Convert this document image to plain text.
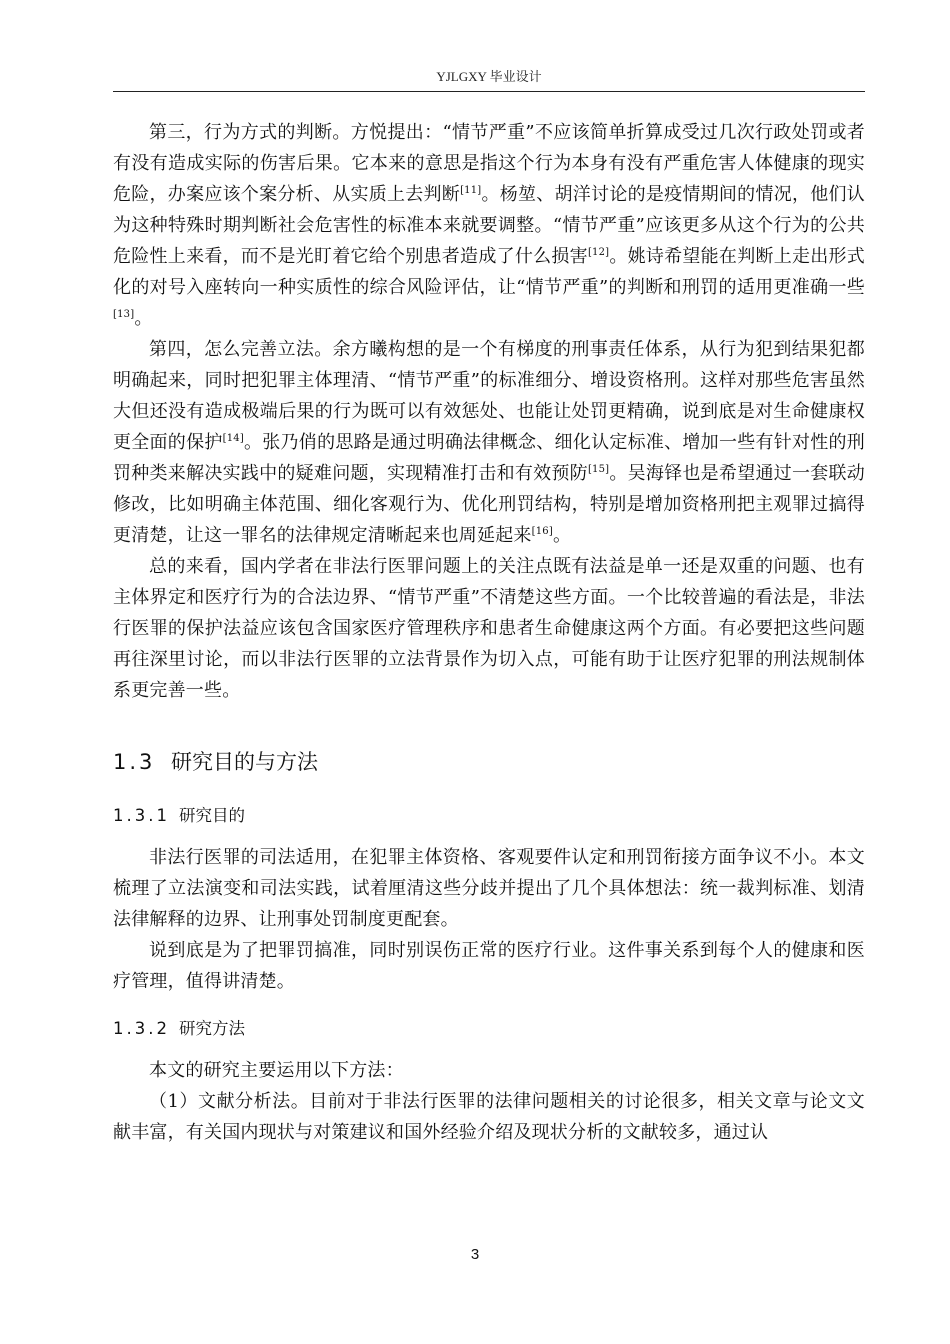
YJLGXY 毕业设计

第三，行为方式的判断。方悦提出：“情节严重”不应该简单折算成受过几次行政处罚或者有没有造成实际的伤害后果。它本来的意思是指这个行为本身有没有严重危害人体健康的现实危险，办案应该个案分析、从实质上去判断[11]。杨堃、胡洋讨论的是疫情期间的情况，他们认为这种特殊时期判断社会危害性的标准本来就要调整。“情节严重”应该更多从这个行为的公共危险性上来看，而不是光盯着它给个别患者造成了什么损害[12]。姚诗希望能在判断上走出形式化的对号入座转向一种实质性的综合风险评估，让“情节严重”的判断和刑罚的适用更准确一些[13]。

第四，怎么完善立法。余方曦构想的是一个有梯度的刑事责任体系，从行为犯到结果犯都明确起来，同时把犯罪主体理清、“情节严重”的标准细分、增设资格刑。这样对那些危害虽然大但还没有造成极端后果的行为既可以有效惩处、也能让处罚更精确，说到底是对生命健康权更全面的保护[14]。张乃俏的思路是通过明确法律概念、细化认定标准、增加一些有针对性的刑罚种类来解决实践中的疑难问题，实现精准打击和有效预防[15]。吴海铎也是希望通过一套联动修改，比如明确主体范围、细化客观行为、优化刑罚结构，特别是增加资格刑把主观罪过搞得更清楚，让这一罪名的法律规定清晰起来也周延起来[16]。

总的来看，国内学者在非法行医罪问题上的关注点既有法益是单一还是双重的问题、也有主体界定和医疗行为的合法边界、“情节严重”不清楚这些方面。一个比较普遍的看法是，非法行医罪的保护法益应该包含国家医疗管理秩序和患者生命健康这两个方面。有必要把这些问题再往深里讨论，而以非法行医罪的立法背景作为切入点，可能有助于让医疗犯罪的刑法规制体系更完善一些。

1.3 研究目的与方法
1.3.1 研究目的

非法行医罪的司法适用，在犯罪主体资格、客观要件认定和刑罚衔接方面争议不小。本文梳理了立法演变和司法实践，试着厘清这些分歧并提出了几个具体想法：统一裁判标准、划清法律解释的边界、让刑事处罚制度更配套。

说到底是为了把罪罚搞准，同时别误伤正常的医疗行业。这件事关系到每个人的健康和医疗管理，值得讲清楚。

1.3.2 研究方法

本文的研究主要运用以下方法：

（1）文献分析法。目前对于非法行医罪的法律问题相关的讨论很多，相关文章与论文文献丰富，有关国内现状与对策建议和国外经验介绍及现状分析的文献较多，通过认

3
